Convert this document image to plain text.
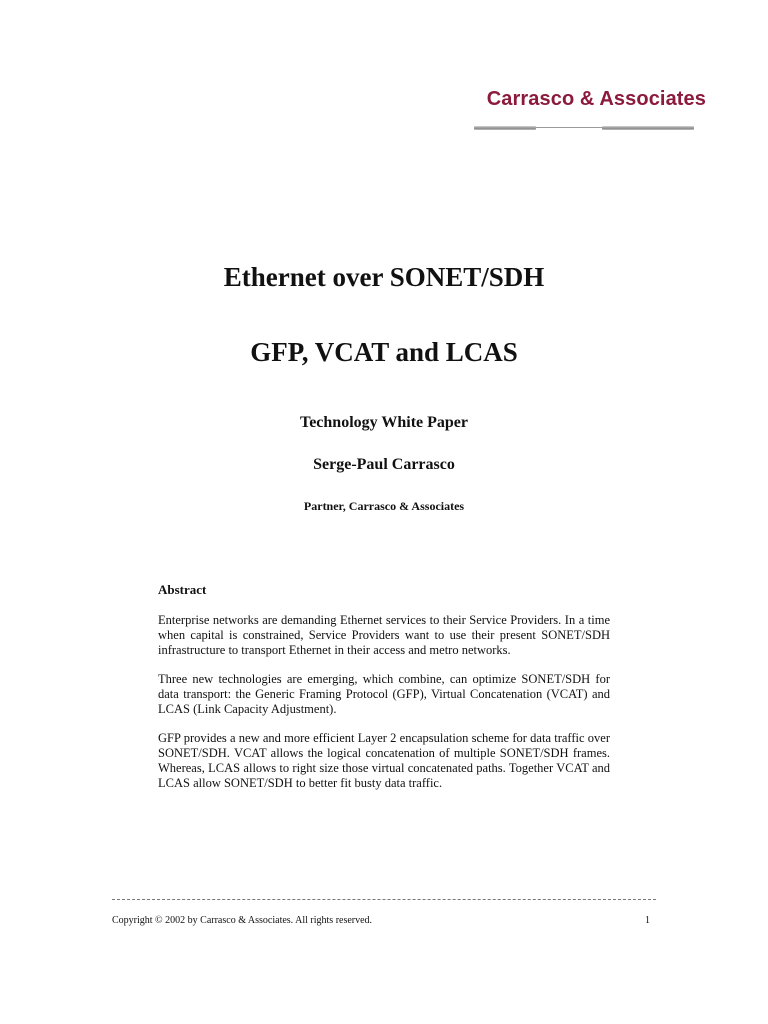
Carrasco & Associates
Ethernet over SONET/SDH
GFP, VCAT and LCAS
Technology White Paper
Serge-Paul Carrasco
Partner, Carrasco & Associates
Abstract

Enterprise networks are demanding Ethernet services to their Service Providers. In a time when capital is constrained, Service Providers want to use their present SONET/SDH infrastructure to transport Ethernet in their access and metro networks.

Three new technologies are emerging, which combine, can optimize SONET/SDH for data transport: the Generic Framing Protocol (GFP), Virtual Concatenation (VCAT) and LCAS (Link Capacity Adjustment).

GFP provides a new and more efficient Layer 2 encapsulation scheme for data traffic over SONET/SDH. VCAT allows the logical concatenation of multiple SONET/SDH frames. Whereas, LCAS allows to right size those virtual concatenated paths. Together VCAT and LCAS allow SONET/SDH to better fit busty data traffic.

Copyright © 2002 by Carrasco & Associates. All rights reserved.	1
